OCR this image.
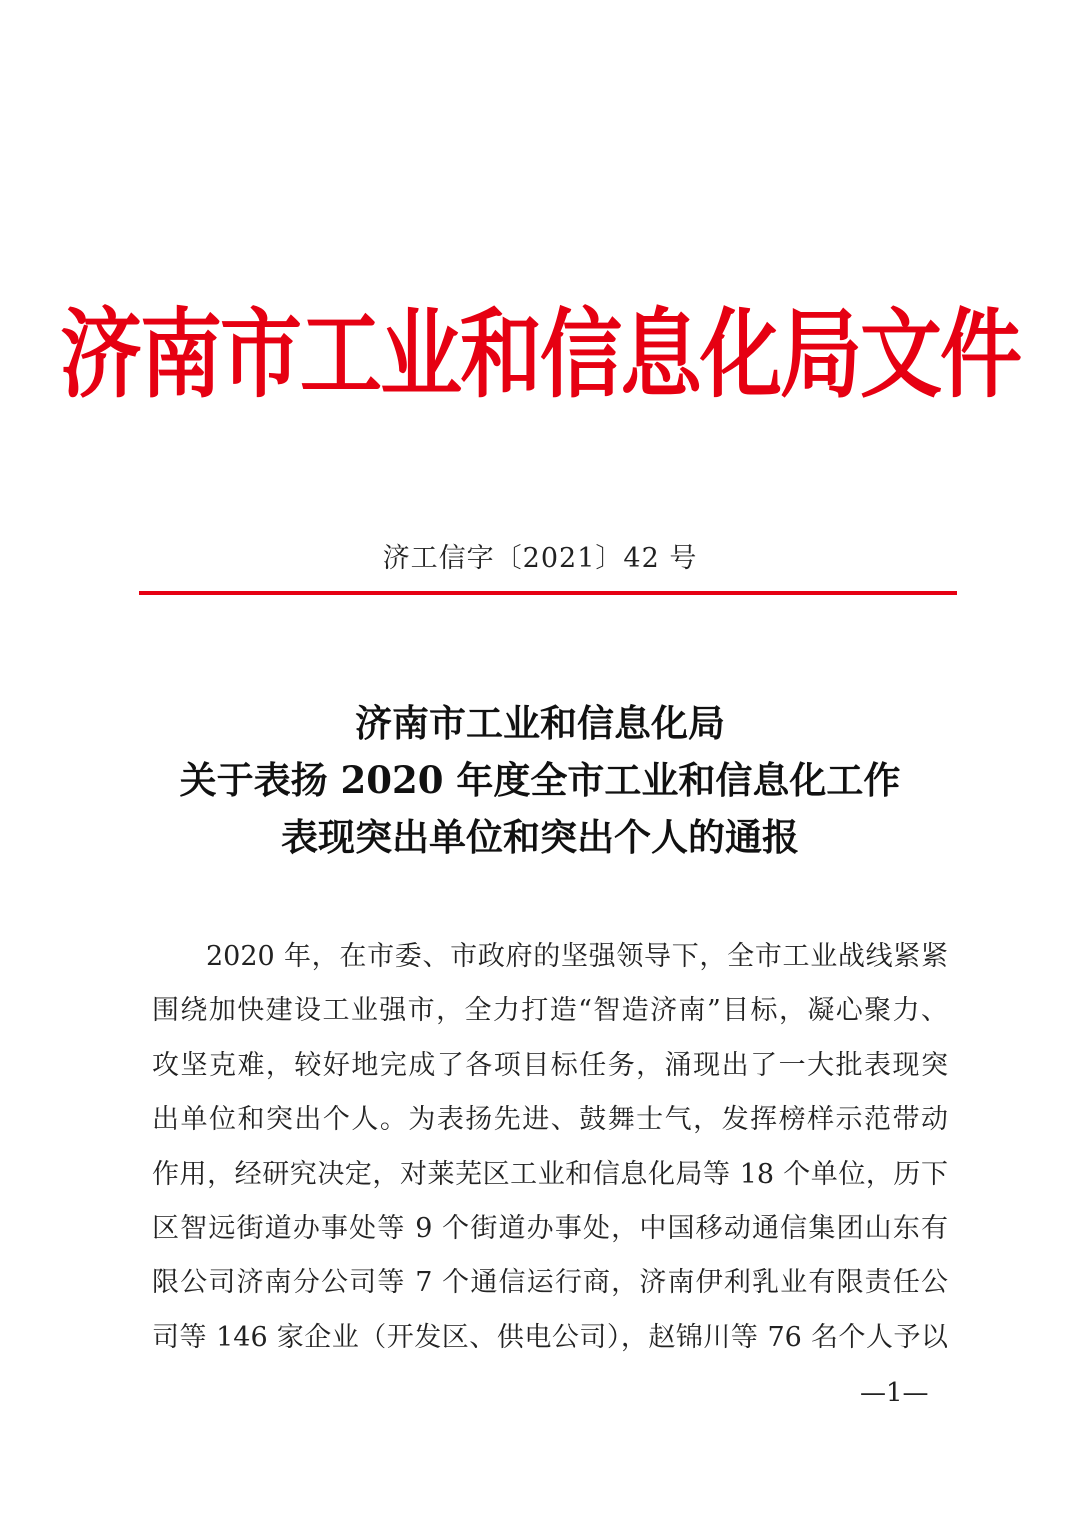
济南市工业和信息化局文件
济工信字〔2021〕42 号
济南市工业和信息化局
关于表扬 2020 年度全市工业和信息化工作
表现突出单位和突出个人的通报
2020 年，在市委、市政府的坚强领导下，全市工业战线紧紧
围绕加快建设工业强市，全力打造“智造济南”目标，凝心聚力、
攻坚克难，较好地完成了各项目标任务，涌现出了一大批表现突
出单位和突出个人。为表扬先进、鼓舞士气，发挥榜样示范带动
作用，经研究决定，对莱芜区工业和信息化局等 18 个单位，历下
区智远街道办事处等 9 个街道办事处，中国移动通信集团山东有
限公司济南分公司等 7 个通信运行商，济南伊利乳业有限责任公
司等 146 家企业（开发区、供电公司），赵锦川等 76 名个人予以
—1—
